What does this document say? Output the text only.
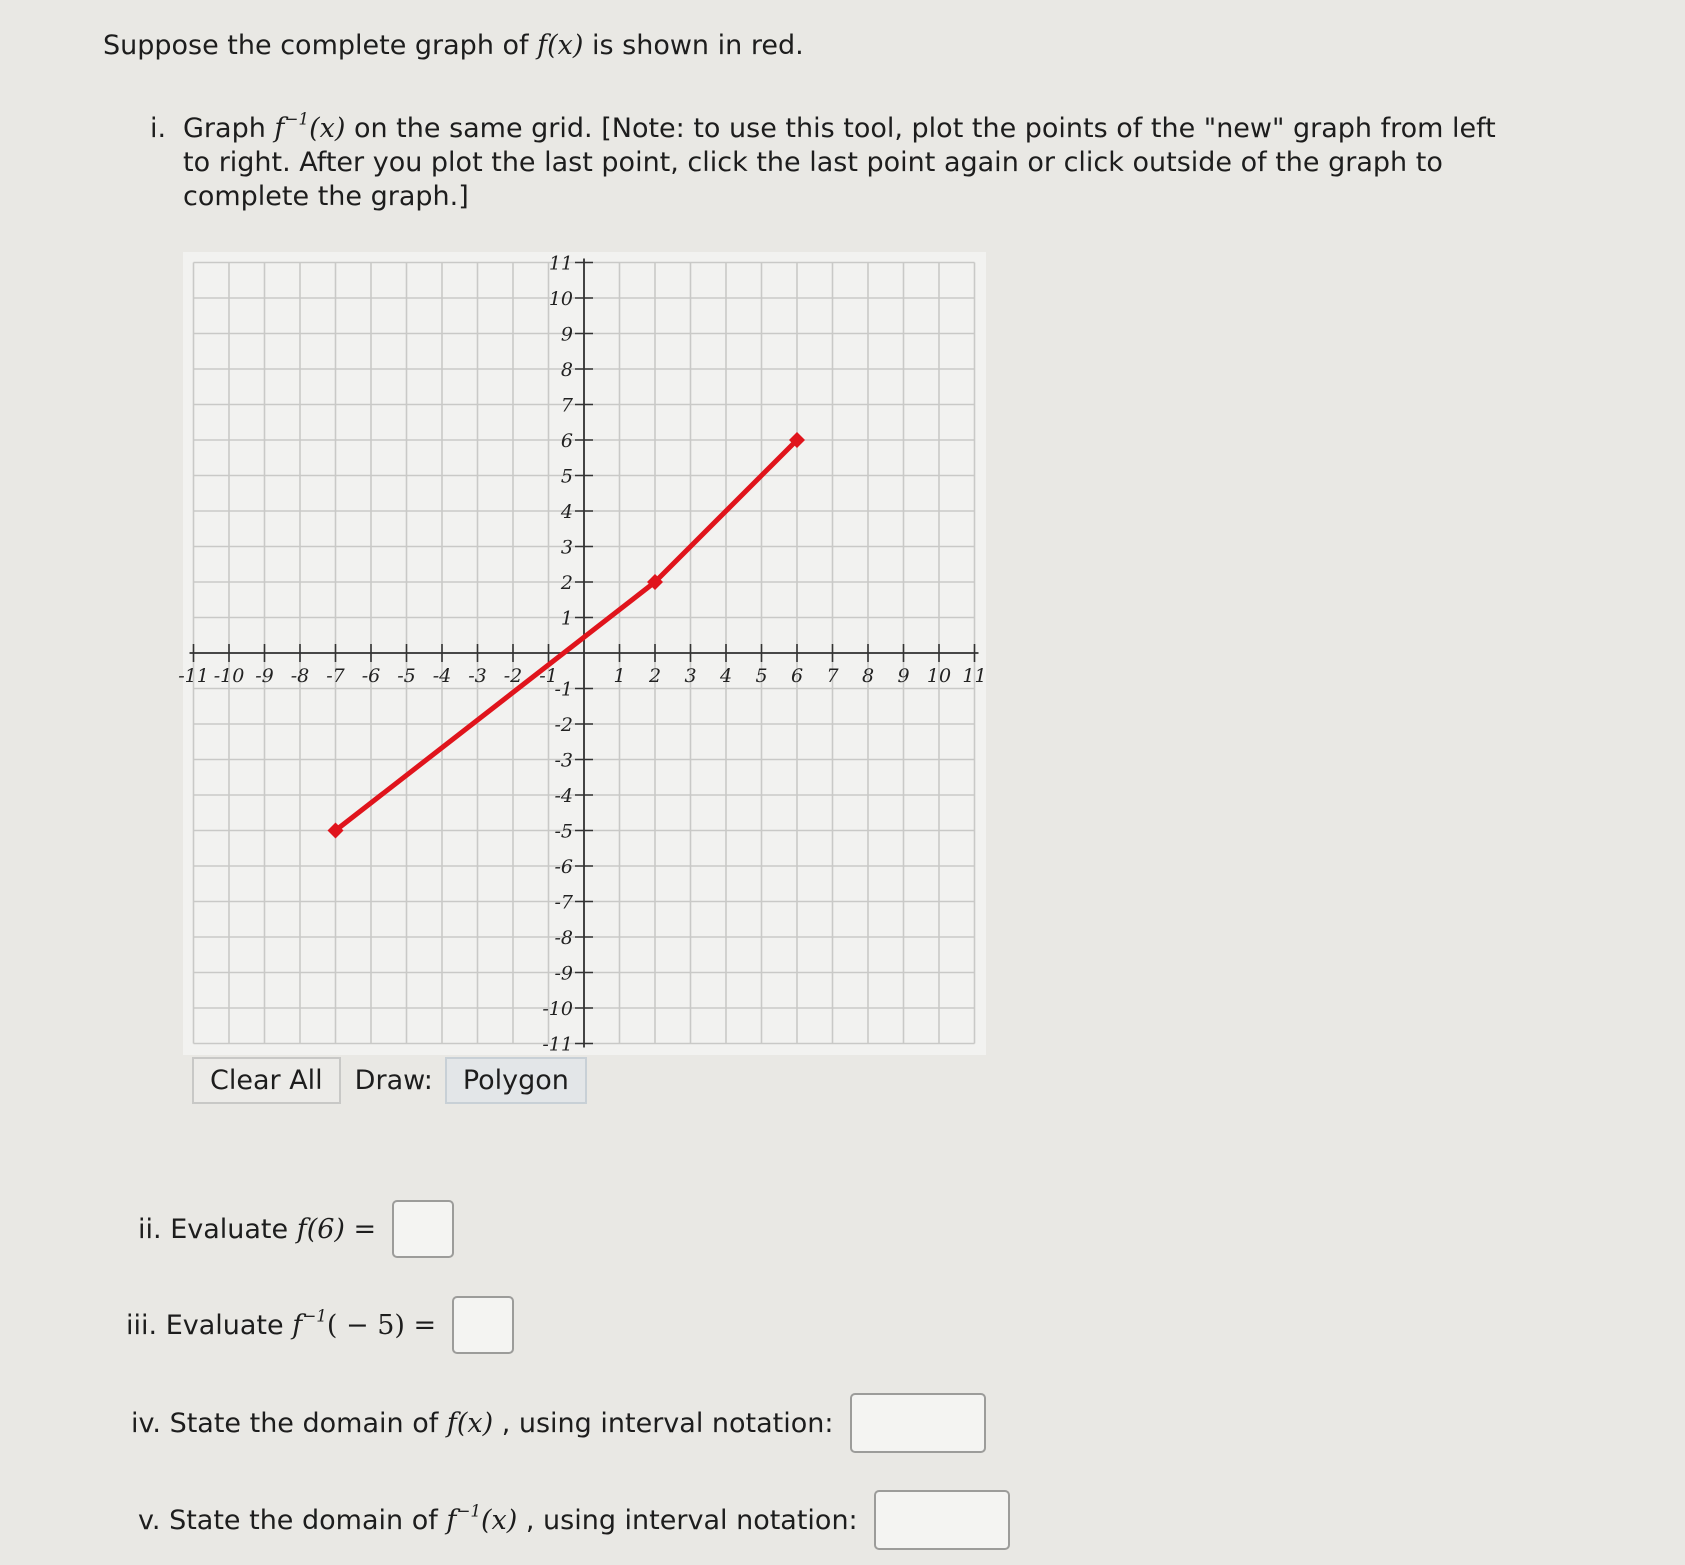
Suppose the complete graph of f(x) is shown in red.
i. Graph $f^{-1}(x)$ on the same grid. [Note: to use this tool, plot the points of the "new" graph from left to right. After you plot the last point, click the last point again or click outside of the graph to complete the graph.]
-11 -10 -9 -8 -7 -6 -5 -4 -3 -2 -1	1 2 3 4 5 6 7 8 9 10 11
11
10
9
8
7
6
5
4
3
2
1
-1
-2
-3
-4
-5
-6
-7
-8
-9
-10
-11
Clear All	Draw:	Polygon
ii.
Evaluate f(6) =
iii.
Evaluate $f^{-1}( - 5)$ =
iv.
State the domain of f(x) , using interval notation:
v.
State the domain of $f^{-1}(x)$ , using interval notation:
